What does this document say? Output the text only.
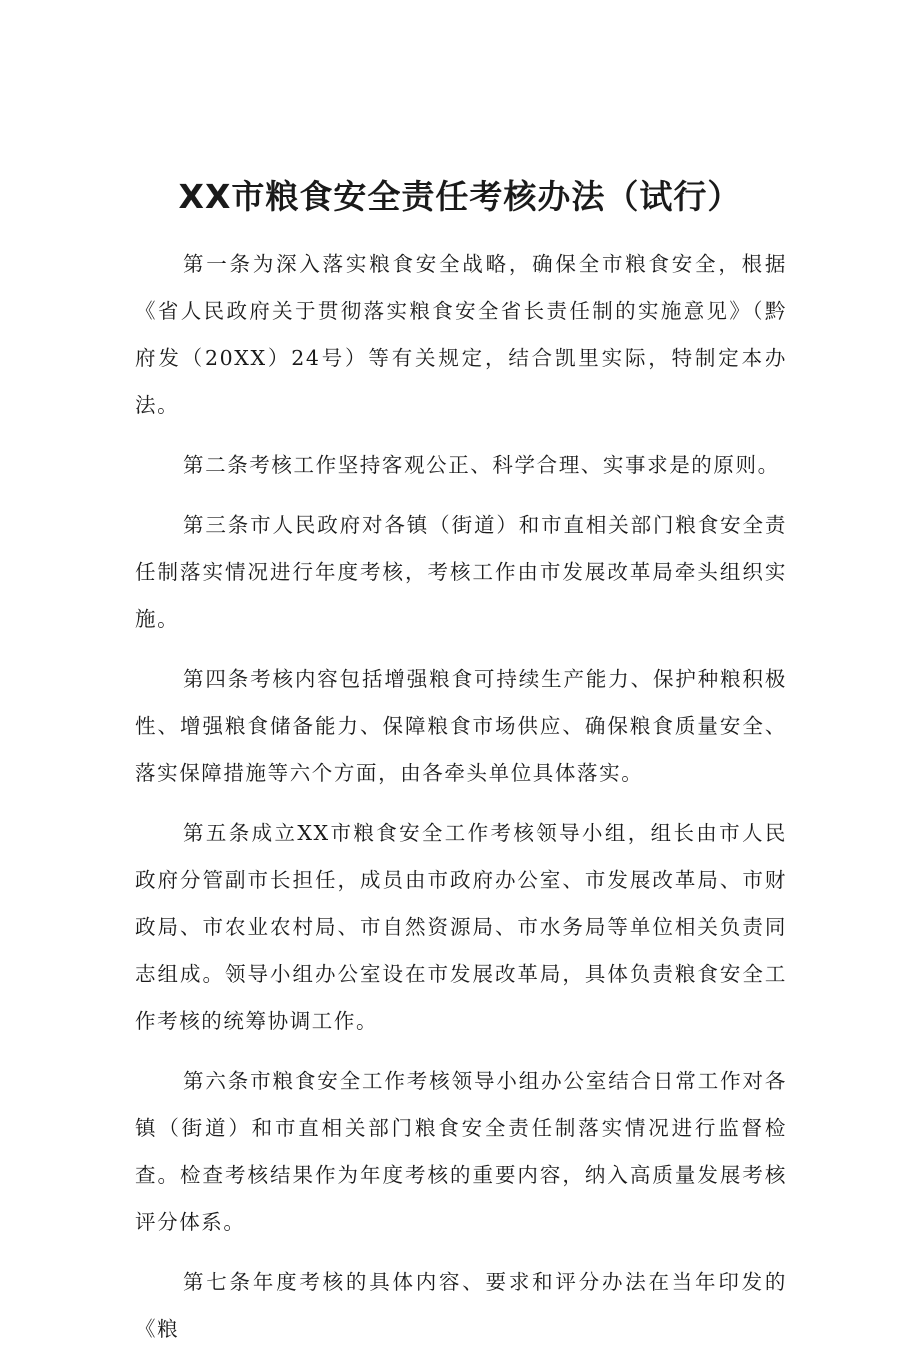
XX市粮食安全责任考核办法（试行）

第一条为深入落实粮食安全战略，确保全市粮食安全，根据《省人民政府关于贯彻落实粮食安全省长责任制的实施意见》（黔府发（20XX）24号）等有关规定，结合凯里实际，特制定本办法。

第二条考核工作坚持客观公正、科学合理、实事求是的原则。

第三条市人民政府对各镇（街道）和市直相关部门粮食安全责任制落实情况进行年度考核，考核工作由市发展改革局牵头组织实施。

第四条考核内容包括增强粮食可持续生产能力、保护种粮积极性、增强粮食储备能力、保障粮食市场供应、确保粮食质量安全、落实保障措施等六个方面，由各牵头单位具体落实。

第五条成立XX市粮食安全工作考核领导小组，组长由市人民政府分管副市长担任，成员由市政府办公室、市发展改革局、市财政局、市农业农村局、市自然资源局、市水务局等单位相关负责同志组成。领导小组办公室设在市发展改革局，具体负责粮食安全工作考核的统筹协调工作。

第六条市粮食安全工作考核领导小组办公室结合日常工作对各镇（街道）和市直相关部门粮食安全责任制落实情况进行监督检查。检查考核结果作为年度考核的重要内容，纳入高质量发展考核评分体系。

第七条年度考核的具体内容、要求和评分办法在当年印发的《粮
